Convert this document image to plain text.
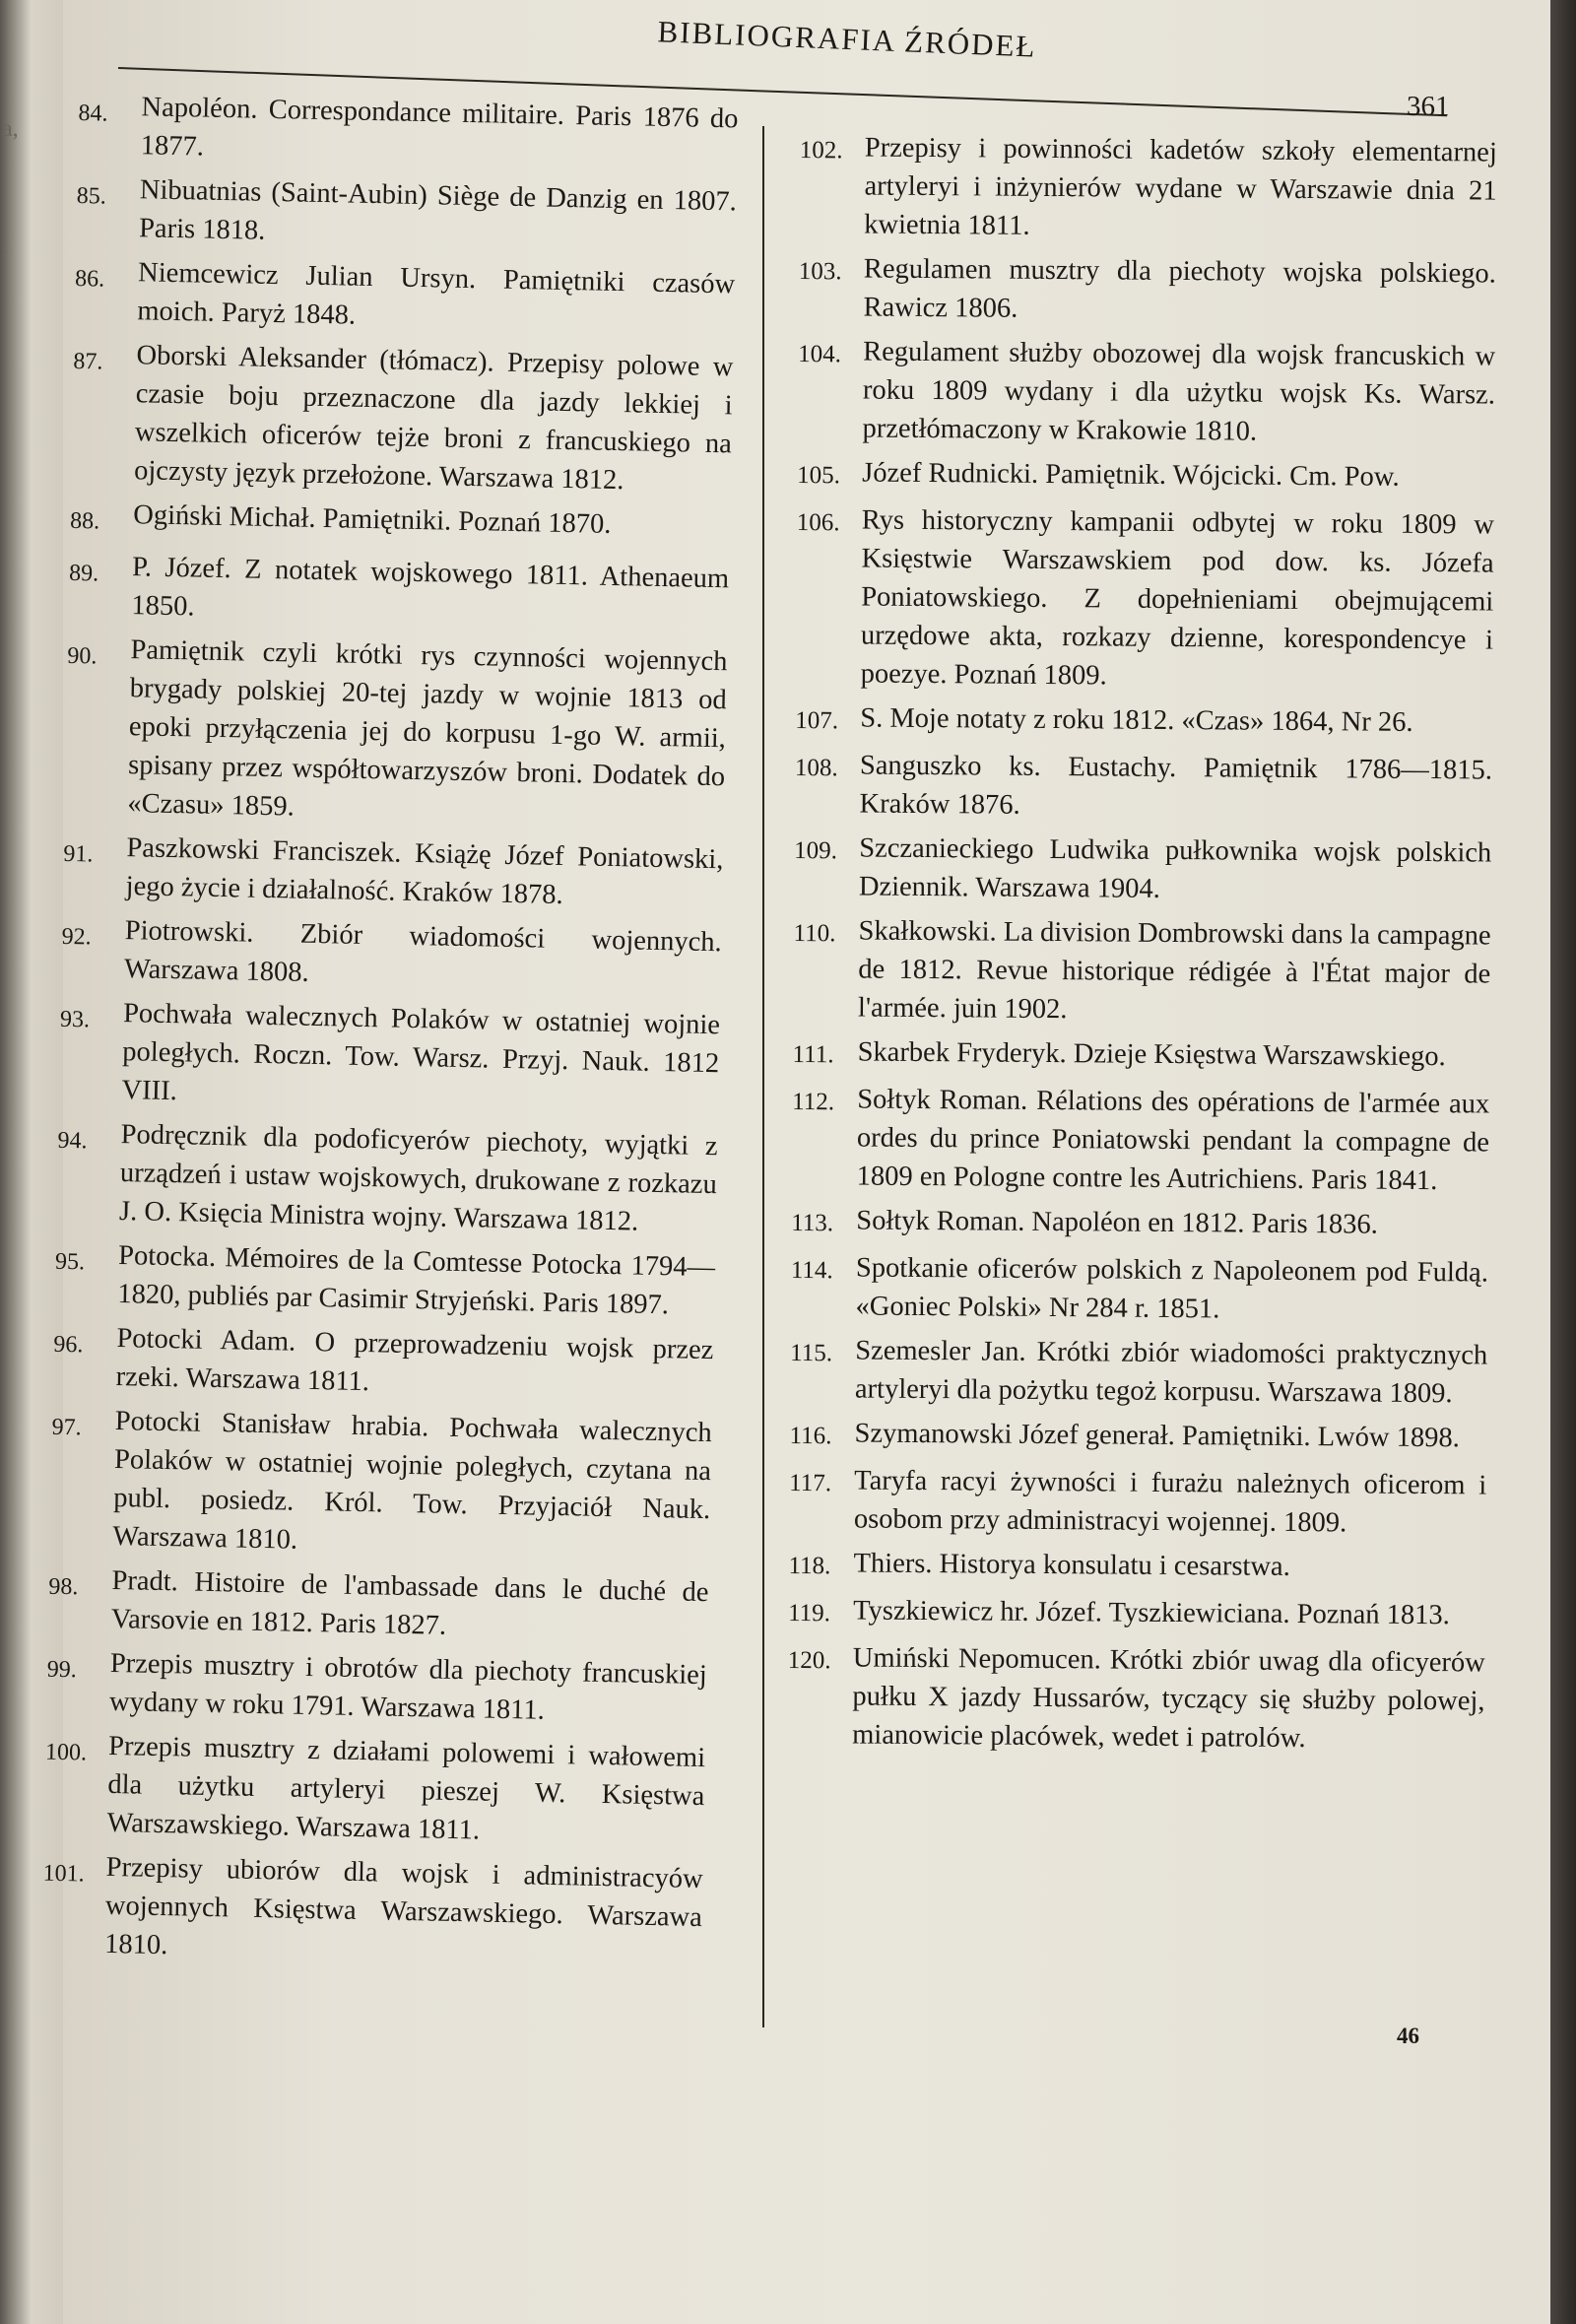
a,
.
BIBLIOGRAFIA ŹRÓDEŁ
361
84.	Napoléon. Correspondance militaire. Paris 1876 do 1877.
85.	Nibuatnias (Saint-Aubin) Siège de Danzig en 1807. Paris 1818.
86.	Niemcewicz Julian Ursyn. Pamiętniki czasów moich. Paryż 1848.
87.	Oborski Aleksander (tłómacz). Przepisy polowe w czasie boju przeznaczone dla jazdy lekkiej i wszelkich oficerów tejże broni z francuskiego na ojczysty język przełożone. Warszawa 1812.
88.	Ogiński Michał. Pamiętniki. Poznań 1870.
89.	P. Józef. Z notatek wojskowego 1811. Athenaeum 1850.
90.	Pamiętnik czyli krótki rys czynności wojennych brygady polskiej 20-tej jazdy w wojnie 1813 od epoki przyłączenia jej do korpusu 1-go W. armii, spisany przez współtowarzyszów broni. Dodatek do «Czasu» 1859.
91.	Paszkowski Franciszek. Książę Józef Poniatowski, jego życie i działalność. Kraków 1878.
92.	Piotrowski. Zbiór wiadomości wojennych. Warszawa 1808.
93.	Pochwała walecznych Polaków w ostatniej wojnie poległych. Roczn. Tow. Warsz. Przyj. Nauk. 1812 VIII.
94.	Podręcznik dla podoficyerów piechoty, wyjątki z urządzeń i ustaw wojskowych, drukowane z rozkazu J. O. Księcia Ministra wojny. Warszawa 1812.
95.	Potocka. Mémoires de la Comtesse Potocka 1794—1820, publiés par Casimir Stryjeński. Paris 1897.
96.	Potocki Adam. O przeprowadzeniu wojsk przez rzeki. Warszawa 1811.
97.	Potocki Stanisław hrabia. Pochwała walecznych Polaków w ostatniej wojnie poległych, czytana na publ. posiedz. Król. Tow. Przyjaciół Nauk. Warszawa 1810.
98.	Pradt. Histoire de l'ambassade dans le duché de Varsovie en 1812. Paris 1827.
99.	Przepis musztry i obrotów dla piechoty francuskiej wydany w roku 1791. Warszawa 1811.
100. Przepis musztry z działami polowemi i wałowemi dla użytku artyleryi pieszej W. Księstwa Warszawskiego. Warszawa 1811.
101. Przepisy ubiorów dla wojsk i administracyów wojennych Księstwa Warszawskiego. Warszawa 1810.
102. Przepisy i powinności kadetów szkoły elementarnej artyleryi i inżynierów wydane w Warszawie dnia 21 kwietnia 1811.
103. Regulamen musztry dla piechoty wojska polskiego. Rawicz 1806.
104. Regulament służby obozowej dla wojsk francuskich w roku 1809 wydany i dla użytku wojsk Ks. Warsz. przetłómaczony w Krakowie 1810.
105. Józef Rudnicki. Pamiętnik. Wójcicki. Cm. Pow.
106. Rys historyczny kampanii odbytej w roku 1809 w Księstwie Warszawskiem pod dow. ks. Józefa Poniatowskiego. Z dopełnieniami obejmującemi urzędowe akta, rozkazy dzienne, korespondencye i poezye. Poznań 1809.
107. S. Moje notaty z roku 1812. «Czas» 1864, Nr 26.
108. Sanguszko ks. Eustachy. Pamiętnik 1786—1815. Kraków 1876.
109. Szczanieckiego Ludwika pułkownika wojsk polskich Dziennik. Warszawa 1904.
110. Skałkowski. La division Dombrowski dans la campagne de 1812. Revue historique rédigée à l'État major de l'armée. juin 1902.
111. Skarbek Fryderyk. Dzieje Księstwa Warszawskiego.
112. Sołtyk Roman. Rélations des opérations de l'armée aux ordes du prince Poniatowski pendant la compagne de 1809 en Pologne contre les Autrichiens. Paris 1841.
113. Sołtyk Roman. Napoléon en 1812. Paris 1836.
114. Spotkanie oficerów polskich z Napoleonem pod Fuldą. «Goniec Polski» Nr 284 r. 1851.
115. Szemesler Jan. Krótki zbiór wiadomości praktycznych artyleryi dla pożytku tegoż korpusu. Warszawa 1809.
116. Szymanowski Józef generał. Pamiętniki. Lwów 1898.
117. Taryfa racyi żywności i furażu należnych oficerom i osobom przy administracyi wojennej. 1809.
118. Thiers. Historya konsulatu i cesarstwa.
119. Tyszkiewicz hr. Józef. Tyszkiewiciana. Poznań 1813.
120. Umiński Nepomucen. Krótki zbiór uwag dla oficyerów pułku X jazdy Hussarów, tyczący się służby polowej, mianowicie placówek, wedet i patrolów.
46
